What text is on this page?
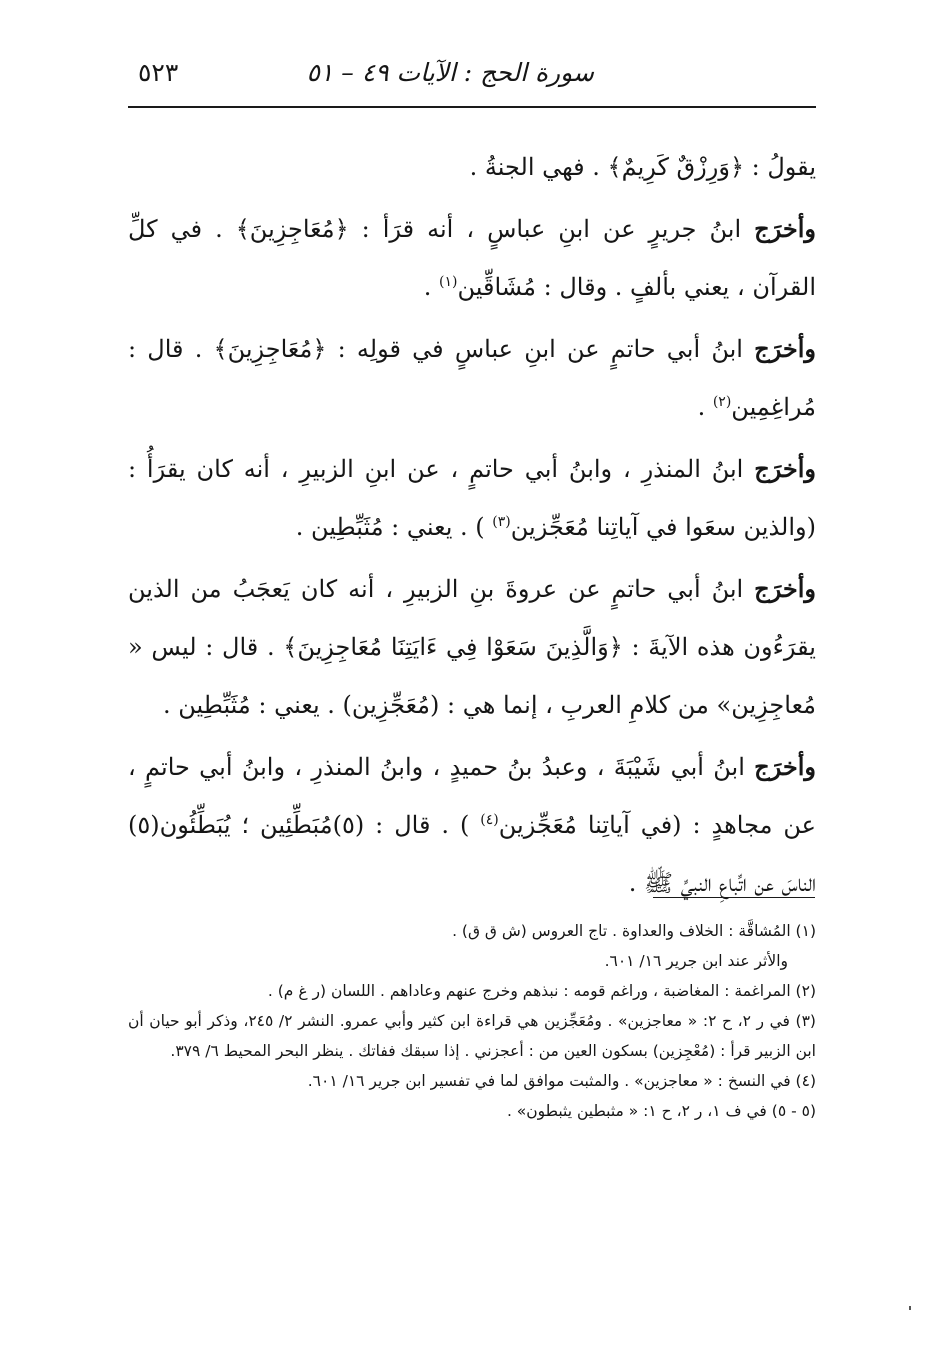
سورة الحج : الآيات ٤٩ – ٥١
٥٢٣

يقولُ : ﴿وَرِزْقٌ كَرِيمٌ﴾ . فهي الجنةُ .

وأخرَج ابنُ جريرٍ عن ابنِ عباسٍ ، أنه قرَأ : ﴿مُعَاجِزِينَ﴾ . في كلِّ القرآن ، يعني بألفٍ . وقال : مُشَاقِّين$^{(١)}$ .

وأخرَج ابنُ أبي حاتمٍ عن ابنِ عباسٍ في قولِه : ﴿مُعَاجِزِينَ﴾ . قال : مُراغِمِين$^{(٢)}$ .

وأخرَج ابنُ المنذرِ ، وابنُ أبي حاتمٍ ، عن ابنِ الزبيرِ ، أنه كان يقرَأُ : (والذين سعَوا في آياتِنا مُعَجِّزين$^{(٣)}$ ) . يعني : مُثَبِّطِين .

وأخرَج ابنُ أبي حاتمٍ عن عروةَ بنِ الزبيرِ ، أنه كان يَعجَبُ من الذين يقرَءُون هذه الآيةَ : ﴿وَالَّذِينَ سَعَوْا فِي ءَايَتِنَا مُعَاجِزِينَ﴾ . قال : ليس « مُعاجِزِين» من كلامِ العربِ ، إنما هي : (مُعَجِّزِين) . يعني : مُثَبِّطِين .

وأخرَج ابنُ أبي شَيْبَةَ ، وعبدُ بنُ حميدٍ ، وابنُ المنذرِ ، وابنُ أبي حاتمٍ ، عن مجاهدٍ : (في آياتِنا مُعَجِّزين$^{(٤)}$ ) . قال : (٥)مُبَطِّئِين ؛ يُبَطِّئُون(٥) الناسَ عن اتِّباعِ النبيِّ ﷺ .

(١) المُشاقَّة : الخلاف والعداوة . تاج العروس (ش ق ق) .

والأثر عند ابن جرير ١٦/ ٦٠١.

(٢) المراغمة : المغاضبة ، وراغم قومه : نبذهم وخرج عنهم وعاداهم . اللسان (ر غ م) .

(٣) في ر ٢، ح ٢: « معاجزين» . ومُعَجِّزين هي قراءة ابن كثير وأبي عمرو. النشر ٢/ ٢٤٥، وذكر أبو حيان أن ابن الزبير قرأ : (مُعْجِزين) بسكون العين من : أعجزني . إذا سبقك ففاتك . ينظر البحر المحيط ٦/ ٣٧٩.

(٤) في النسخ : « معاجزين» . والمثبت موافق لما في تفسير ابن جرير ١٦/ ٦٠١.

(٥ - ٥) في ف ١، ر ٢، ح ١: « مثبطين يثبطون» .
